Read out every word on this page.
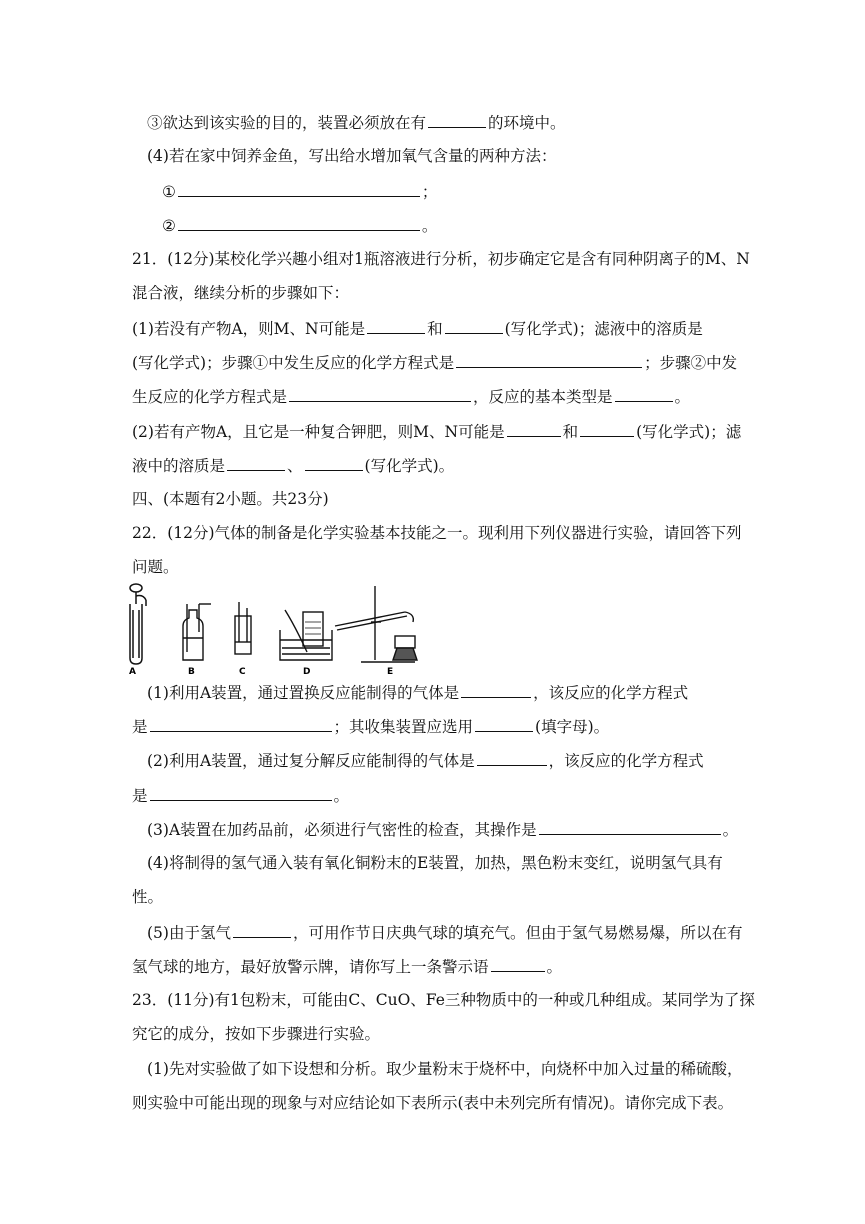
③欲达到该实验的目的，装置必须放在有	的环境中。
(4)若在家中饲养金鱼，写出给水增加氧气含量的两种方法：
①	；
②	。
21．(12分)某校化学兴趣小组对1瓶溶液进行分析，初步确定它是含有同种阴离子的M、N
混合液，继续分析的步骤如下：
(1)若没有产物A，则M、N可能是	和	(写化学式)；滤液中的溶质是
(写化学式)；步骤①中发生反应的化学方程式是	；步骤②中发
生反应的化学方程式是	，反应的基本类型是	。
(2)若有产物A，且它是一种复合钾肥，则M、N可能是	和	(写化学式)；滤
液中的溶质是	、	(写化学式)。
四、(本题有2小题。共23分)
22．(12分)气体的制备是化学实验基本技能之一。现利用下列仪器进行实验，请回答下列
问题。
A	B	C	D	E
(1)利用A装置，通过置换反应能制得的气体是	，该反应的化学方程式
是	；其收集装置应选用	(填字母)。
(2)利用A装置，通过复分解反应能制得的气体是	，该反应的化学方程式
是	。
(3)A装置在加药品前，必须进行气密性的检查，其操作是	。
(4)将制得的氢气通入装有氧化铜粉末的E装置，加热，黑色粉末变红，说明氢气具有
性。
(5)由于氢气	，可用作节日庆典气球的填充气。但由于氢气易燃易爆，所以在有
氢气球的地方，最好放警示牌，请你写上一条警示语	。
23．(11分)有1包粉末，可能由C、CuO、Fe三种物质中的一种或几种组成。某同学为了探
究它的成分，按如下步骤进行实验。
(1)先对实验做了如下设想和分析。取少量粉末于烧杯中，向烧杯中加入过量的稀硫酸，
则实验中可能出现的现象与对应结论如下表所示(表中未列完所有情况)。请你完成下表。
